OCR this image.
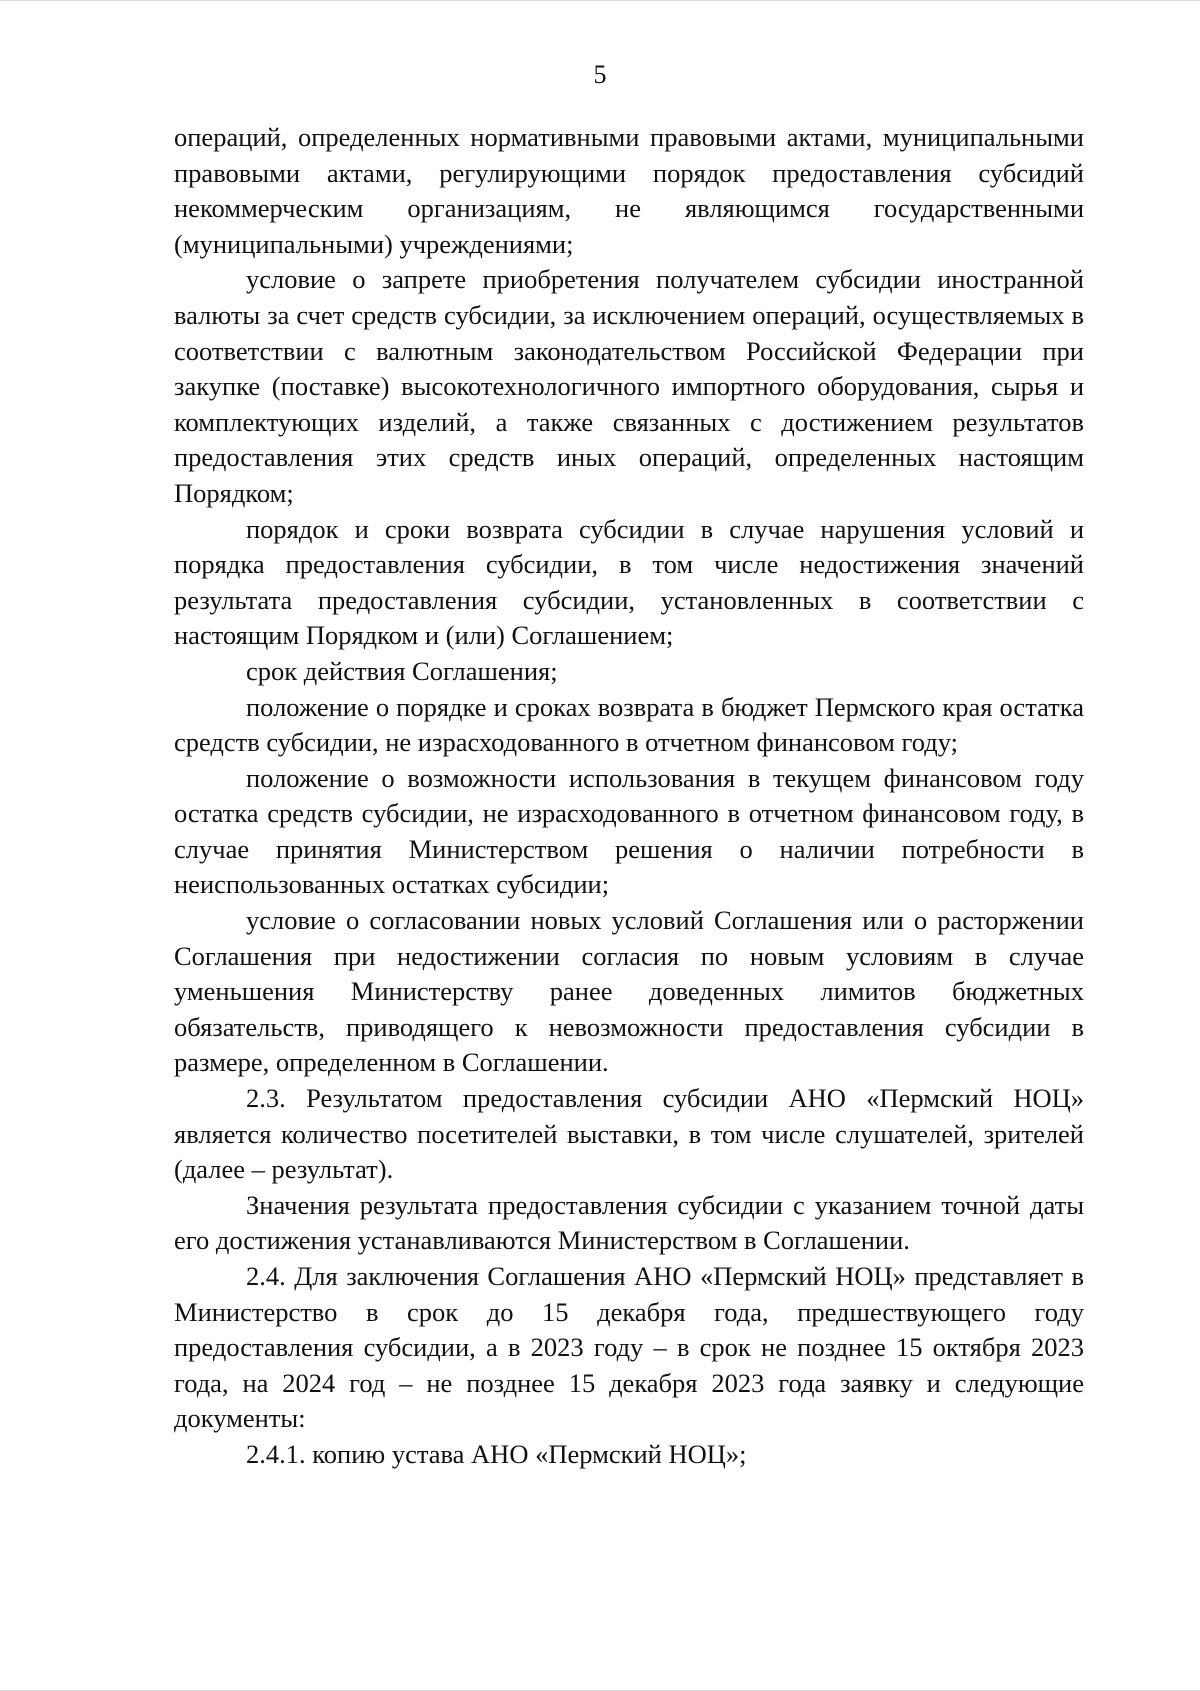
5

операций, определенных нормативными правовыми актами, муниципальными правовыми актами, регулирующими порядок предоставления субсидий некоммерческим организациям, не являющимся государственными (муниципальными) учреждениями;

условие о запрете приобретения получателем субсидии иностранной валюты за счет средств субсидии, за исключением операций, осуществляемых в соответствии с валютным законодательством Российской Федерации при закупке (поставке) высокотехнологичного импортного оборудования, сырья и комплектующих изделий, а также связанных с достижением результатов предоставления этих средств иных операций, определенных настоящим Порядком;

порядок и сроки возврата субсидии в случае нарушения условий и порядка предоставления субсидии, в том числе недостижения значений результата предоставления субсидии, установленных в соответствии с настоящим Порядком и (или) Соглашением;

срок действия Соглашения;

положение о порядке и сроках возврата в бюджет Пермского края остатка средств субсидии, не израсходованного в отчетном финансовом году;

положение о возможности использования в текущем финансовом году остатка средств субсидии, не израсходованного в отчетном финансовом году, в случае принятия Министерством решения о наличии потребности в неиспользованных остатках субсидии;

условие о согласовании новых условий Соглашения или о расторжении Соглашения при недостижении согласия по новым условиям в случае уменьшения Министерству ранее доведенных лимитов бюджетных обязательств, приводящего к невозможности предоставления субсидии в размере, определенном в Соглашении.

2.3. Результатом предоставления субсидии АНО «Пермский НОЦ» является количество посетителей выставки, в том числе слушателей, зрителей (далее – результат).

Значения результата предоставления субсидии с указанием точной даты его достижения устанавливаются Министерством в Соглашении.

2.4. Для заключения Соглашения АНО «Пермский НОЦ» представляет в Министерство в срок до 15 декабря года, предшествующего году предоставления субсидии, а в 2023 году – в срок не позднее 15 октября 2023 года, на 2024 год – не позднее 15 декабря 2023 года заявку и следующие документы:

2.4.1. копию устава АНО «Пермский НОЦ»;
